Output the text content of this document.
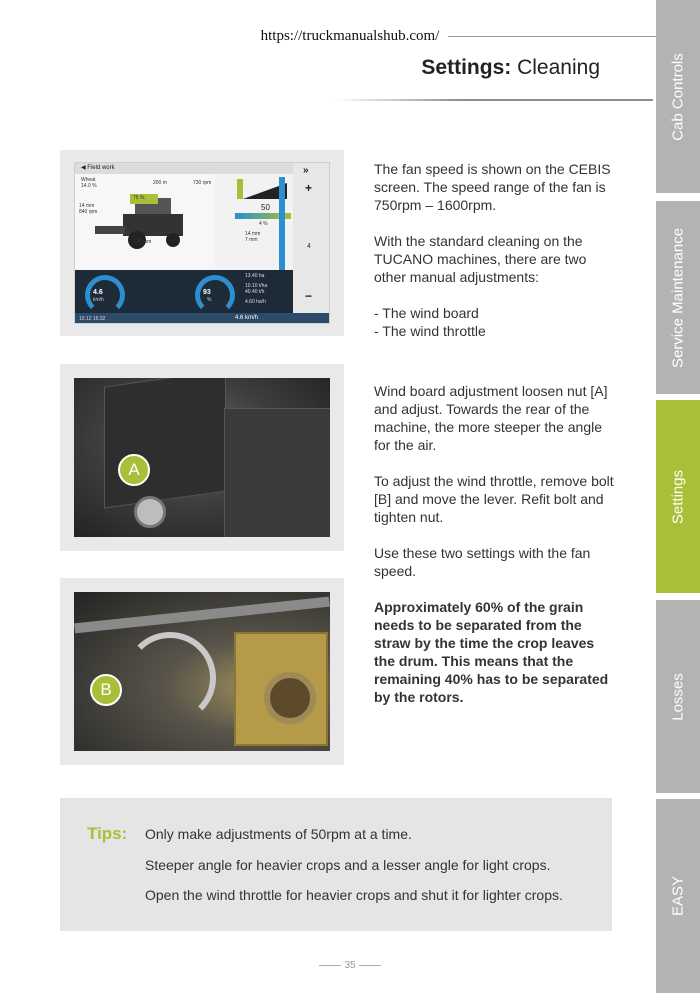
https://truckmanualshub.com/
Settings: Cleaning	Cab Controls
Service Maintenance
Settings
Losses
EASY
◀ Field work
Wheat
14.0 %	200 m	730 rpm
14 mm
840 rpm
75 %
890 rpm
14 mm
7 mm
50
4 %
»
+
4
−
4.6
km/h
93
%
13.40 ha
10.10 t/ha
40.40 t/h
4.60 ha/h
10.12 16:32	4.6 km/h
A
B

The fan speed is shown on the CEBIS screen. The speed range of the fan is 750rpm – 1600rpm.

With the standard cleaning on the TUCANO machines, there are two other manual adjustments:

- The wind board

- The wind throttle

Wind board adjustment loosen nut [A] and adjust. Towards the rear of the machine, the more steeper the angle for the air.

To adjust the wind throttle, remove bolt [B] and move the lever. Refit bolt and tighten nut.

Use these two settings with the fan speed.

Approximately 60% of the grain needs to be separated from the straw by the time the crop leaves the drum. This means that the remaining 40% has to be separated by the rotors.

Tips: Only make adjustments of 50rpm at a time.
Steeper angle for heavier crops and a lesser angle for light crops.
Open the wind throttle for heavier crops and shut it for lighter crops.
35
